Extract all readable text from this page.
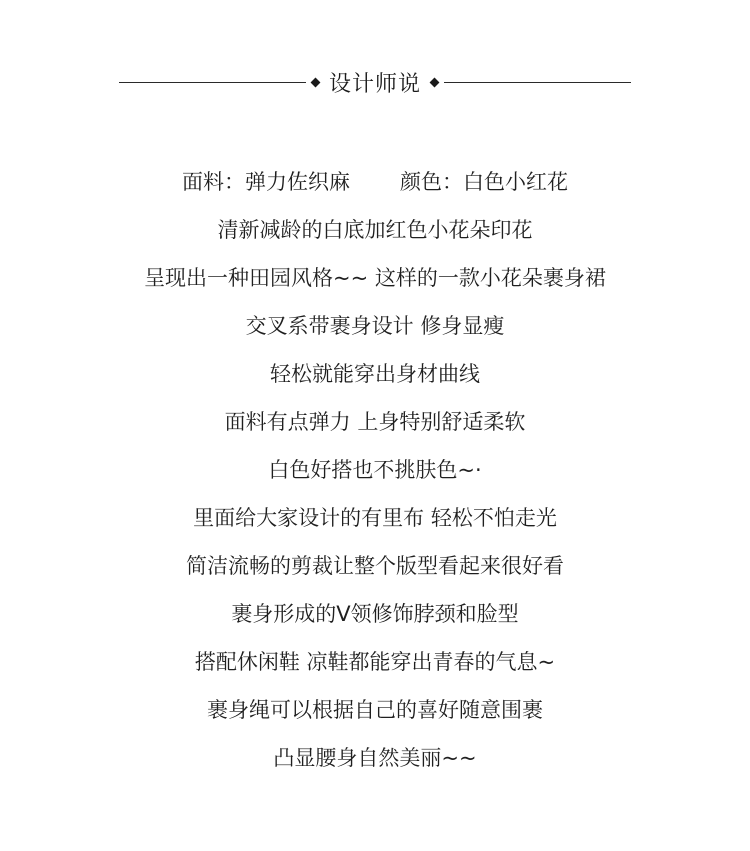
设计师说
面料：弹力佐织麻 颜色：白色小红花
清新减龄的白底加红色小花朵印花
呈现出一种田园风格~~ 这样的一款小花朵裹身裙
交叉系带裹身设计 修身显瘦
轻松就能穿出身材曲线
面料有点弹力 上身特别舒适柔软
白色好搭也不挑肤色~·
里面给大家设计的有里布 轻松不怕走光
简洁流畅的剪裁让整个版型看起来很好看
裹身形成的V领修饰脖颈和脸型
搭配休闲鞋 凉鞋都能穿出青春的气息~
裹身绳可以根据自己的喜好随意围裹
凸显腰身自然美丽~~
